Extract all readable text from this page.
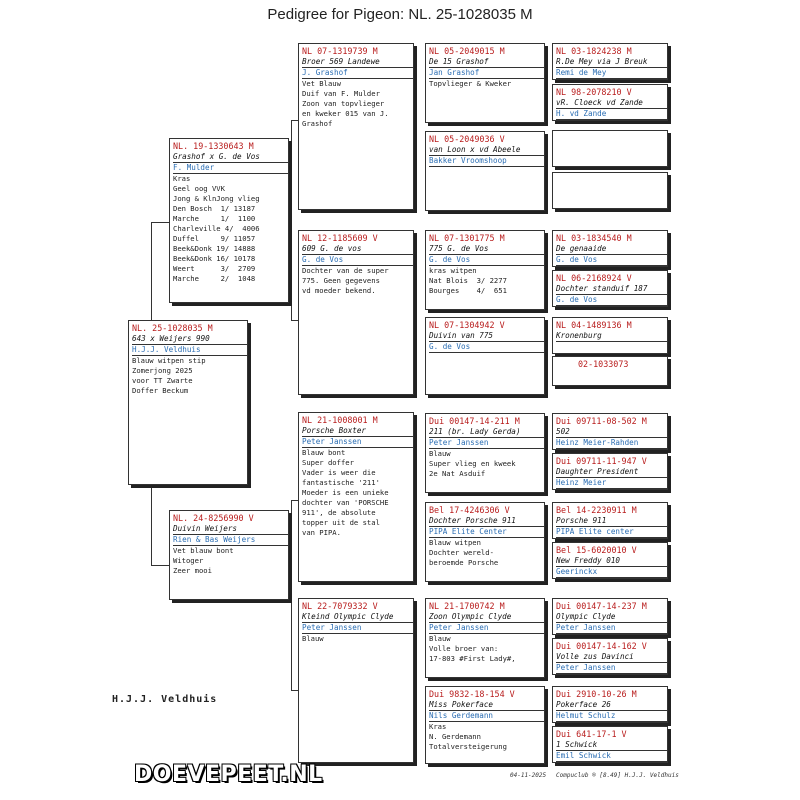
Pedigree for Pigeon: NL. 25-1028035 M
NL. 25-1028035 M
643 x Weijers 990
H.J.J. Veldhuis
Blauw witpen stip
Zomerjong 2025
voor TT Zwarte
Doffer Beckum
NL. 19-1330643 M
Grashof x G. de Vos
F. Mulder
Kras
Geel oog VVK
Jong & KlnJong vlieg
Den Bosch  1/ 13187
Marche     1/  1100
Charleville 4/  4006
Duffel     9/ 11057
Beek&Donk 19/ 14888
Beek&Donk 16/ 10178
Weert      3/  2709
Marche     2/  1048
NL. 24-8256990 V
Duivin Weijers
Rien & Bas Weijers
Vet blauw bont
Witoger
Zeer mooi
NL 07-1319739 M
Broer 569 Landewe
J. Grashof
Vet Blauw
Duif van F. Mulder
Zoon van topvlieger
en kweker 015 van J.
Grashof
NL 12-1185609 V
609 G. de vos
G. de Vos
Dochter van de super
775. Geen gegevens
vd moeder bekend.
NL 21-1008001 M
Porsche Boxter
Peter Janssen
Blauw bont
Super doffer
Vader is weer die
fantastische '211'
Moeder is een unieke
dochter van 'PORSCHE
911', de absolute
topper uit de stal
van PIPA.
NL 22-7079332 V
Kleind Olympic Clyde
Peter Janssen
Blauw
NL 05-2049015 M
De 15 Grashof
Jan Grashof
Topvlieger & Kweker
NL 05-2049036 V
van Loon x vd Abeele
Bakker Vroomshoop
NL 07-1301775 M
775 G. de Vos
G. de Vos
kras witpen
Nat Blois  3/ 2277
Bourges    4/  651
NL 07-1304942 V
Duivin van 775
G. de Vos
Dui 00147-14-211 M
211 (br. Lady Gerda)
Peter Janssen
Blauw
Super vlieg en kweek
2e Nat Asduif
Bel 17-4246306 V
Dochter Porsche 911
PIPA Elite Center
Blauw witpen
Dochter wereld-
beroemde Porsche
NL 21-1700742 M
Zoon Olympic Clyde
Peter Janssen
Blauw
Volle broer van:
17-803 #First Lady#,
Dui 9832-18-154 V
Miss Pokerface
Nils Gerdemann
Kras
N. Gerdemann
Totalversteigerung
NL 03-1824238 M
R.De Mey via J Breuk
Remi de Mey
NL 98-2078210 V
vR. Cloeck vd Zande
H. vd Zande
NL 03-1834540 M
De genaaide
G. de Vos
NL 06-2168924 V
Dochter standuif 187
G. de Vos
NL 04-1489136 M
Kronenburg
02-1033073
Dui 09711-08-502 M
502
Heinz Meier-Rahden
Dui 09711-11-947 V
Daughter President
Heinz Meier
Bel 14-2230911 M
Porsche 911
PIPA Elite center
Bel 15-6020010 V
New Freddy 010
Geerinckx
Dui 00147-14-237 M
Olympic Clyde
Peter Janssen
Dui 00147-14-162 V
Volle zus Davinci
Peter Janssen
Dui 2910-10-26 M
Pokerface 26
Helmut Schulz
Dui 641-17-1 V
1 Schwick
Emil Schwick
H.J.J. Veldhuis
DOEVEPEET.NL	04-11-2025 Compuclub ® [8.49] H.J.J. Veldhuis
